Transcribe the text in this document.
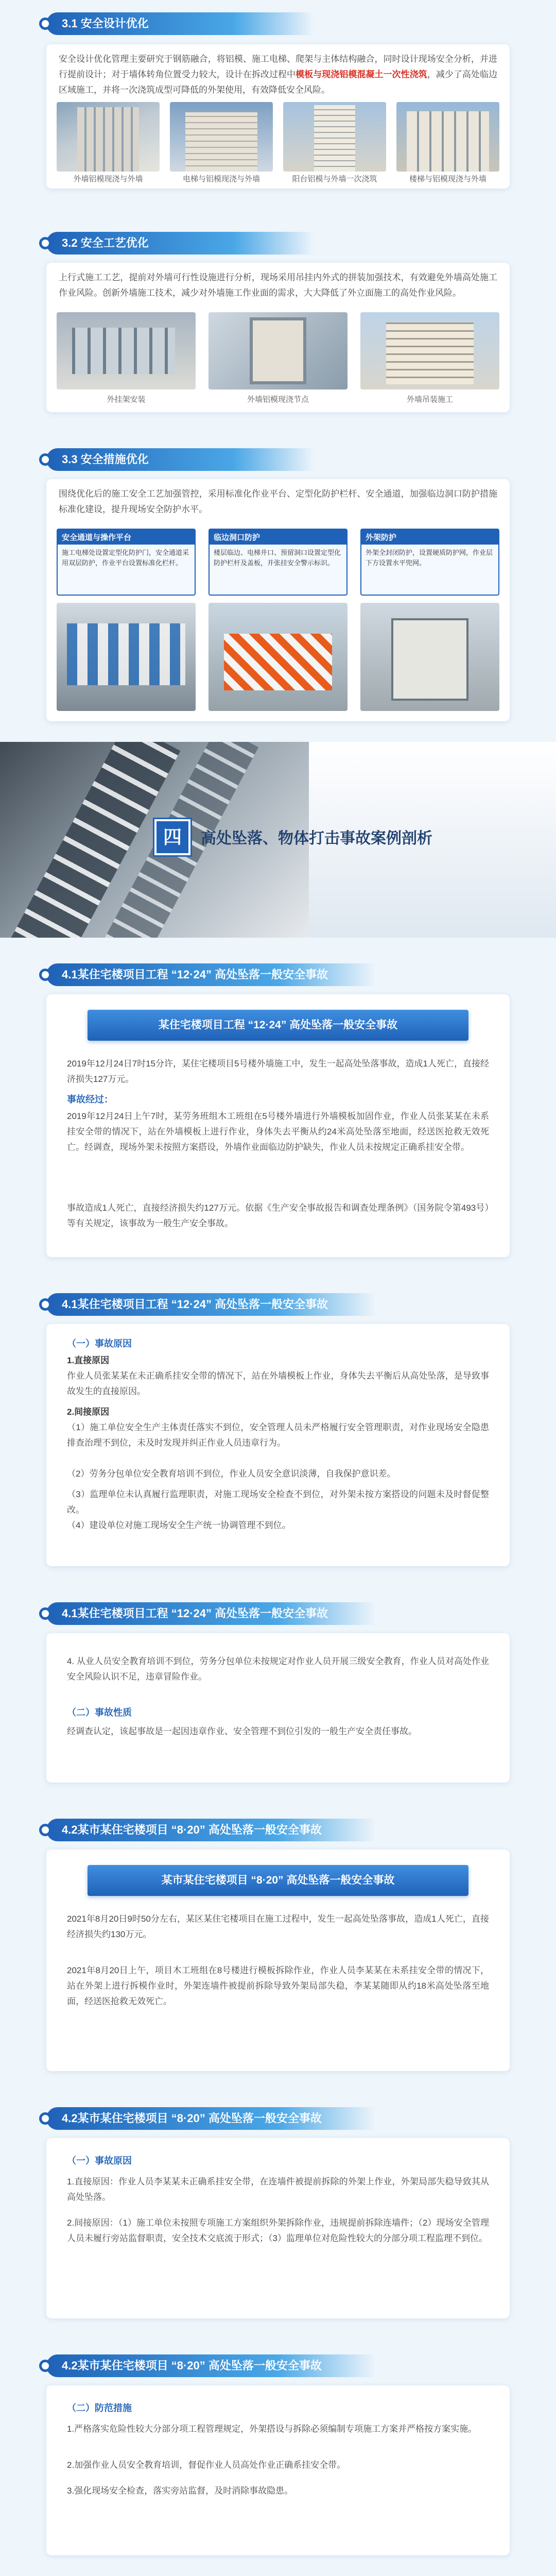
3.1 安全设计优化
安全设计优化管理主要研究于钢筋融合，将铝模、施工电梯、爬架与主体结构融合，同时设计现场安全分析，并进行提前设计；对于墙体转角位置受力较大，设计在拆改过程中模板与现浇铝模混凝土一次性浇筑，减少了高处临边区域施工，并将一次浇筑成型可降低的外架使用，有效降低安全风险。
外墙铝模现浇与外墙	电梯与铝模现浇与外墙	阳台铝模与外墙一次浇筑	楼梯与铝模现浇与外墙
3.2 安全工艺优化
上行式施工工艺，提前对外墙可行性设施进行分析，现场采用吊挂内外式的拼装加强技术，有效避免外墙高处施工作业风险。创新外墙施工技术，减少对外墙施工作业面的需求，大大降低了外立面施工的高处作业风险。
外挂架安装	外墙铝模现浇节点	外墙吊装施工
3.3 安全措施优化
围绕优化后的施工安全工艺加强管控，采用标准化作业平台、定型化防护栏杆、安全通道，加强临边洞口防护措施标准化建设，提升现场安全防护水平。
安全通道与操作平台
施工电梯处设置定型化防护门，安全通道采用双层防护，作业平台设置标准化栏杆。
临边洞口防护
楼层临边、电梯井口、预留洞口设置定型化防护栏杆及盖板，并张挂安全警示标识。
外架防护
外架全封闭防护，设置硬质防护网，作业层下方设置水平兜网。
四	高处坠落、物体打击事故案例剖析
4.1某住宅楼项目工程 “12·24” 高处坠落一般安全事故
某住宅楼项目工程 “12·24” 高处坠落一般安全事故
2019年12月24日7时15分许，某住宅楼项目5号楼外墙施工中，发生一起高处坠落事故，造成1人死亡，直接经济损失127万元。
事故经过：
2019年12月24日上午7时，某劳务班组木工班组在5号楼外墙进行外墙模板加固作业，作业人员张某某在未系挂安全带的情况下，站在外墙模板上进行作业，身体失去平衡从约24米高处坠落至地面，经送医抢救无效死亡。经调查，现场外架未按照方案搭设，外墙作业面临边防护缺失，作业人员未按规定正确系挂安全带。
事故造成1人死亡，直接经济损失约127万元。依据《生产安全事故报告和调查处理条例》（国务院令第493号）等有关规定，该事故为一般生产安全事故。
4.1某住宅楼项目工程 “12·24” 高处坠落一般安全事故
（一）事故原因
1.直接原因
作业人员张某某在未正确系挂安全带的情况下，站在外墙模板上作业，身体失去平衡后从高处坠落，是导致事故发生的直接原因。
2.间接原因
（1）施工单位安全生产主体责任落实不到位，安全管理人员未严格履行安全管理职责，对作业现场安全隐患排查治理不到位，未及时发现并纠正作业人员违章行为。
（2）劳务分包单位安全教育培训不到位，作业人员安全意识淡薄，自我保护意识差。
（3）监理单位未认真履行监理职责，对施工现场安全检查不到位，对外架未按方案搭设的问题未及时督促整改。
（4）建设单位对施工现场安全生产统一协调管理不到位。
4.1某住宅楼项目工程 “12·24” 高处坠落一般安全事故
4. 从业人员安全教育培训不到位，劳务分包单位未按规定对作业人员开展三级安全教育，作业人员对高处作业安全风险认识不足，违章冒险作业。
（二）事故性质
经调查认定，该起事故是一起因违章作业、安全管理不到位引发的一般生产安全责任事故。
4.2某市某住宅楼项目 “8·20” 高处坠落一般安全事故
某市某住宅楼项目 “8·20” 高处坠落一般安全事故
2021年8月20日9时50分左右，某区某住宅楼项目在施工过程中，发生一起高处坠落事故，造成1人死亡，直接经济损失约130万元。
2021年8月20日上午，项目木工班组在8号楼进行模板拆除作业，作业人员李某某在未系挂安全带的情况下，站在外架上进行拆模作业时，外架连墙件被提前拆除导致外架局部失稳，李某某随即从约18米高处坠落至地面，经送医抢救无效死亡。
4.2某市某住宅楼项目 “8·20” 高处坠落一般安全事故
（一）事故原因
1.直接原因：作业人员李某某未正确系挂安全带，在连墙件被提前拆除的外架上作业，外架局部失稳导致其从高处坠落。
2.间接原因：（1）施工单位未按照专项施工方案组织外架拆除作业，违规提前拆除连墙件；（2）现场安全管理人员未履行旁站监督职责，安全技术交底流于形式；（3）监理单位对危险性较大的分部分项工程监理不到位。
4.2某市某住宅楼项目 “8·20” 高处坠落一般安全事故
（二）防范措施
1.严格落实危险性较大分部分项工程管理规定，外架搭设与拆除必须编制专项施工方案并严格按方案实施。
2.加强作业人员安全教育培训，督促作业人员高处作业正确系挂安全带。
3.强化现场安全检查，落实旁站监督，及时消除事故隐患。
